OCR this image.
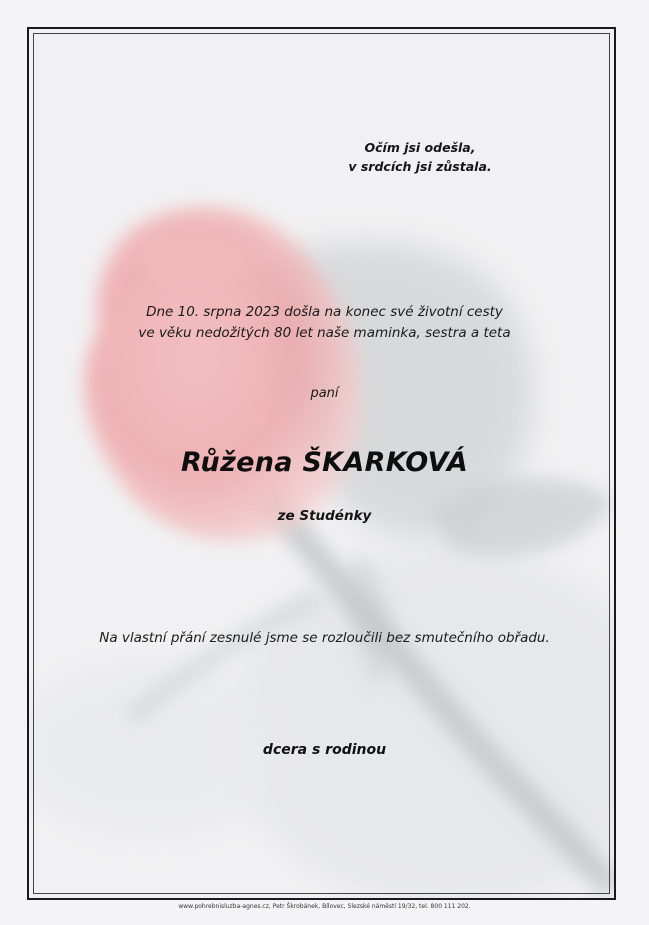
Očím jsi odešla,
v srdcích jsi zůstala.
Dne 10. srpna 2023 došla na konec své životní cesty
ve věku nedožitých 80 let naše maminka, sestra a teta
paní
Růžena ŠKARKOVÁ
ze Studénky
Na vlastní přání zesnulé jsme se rozloučili bez smutečního obřadu.
dcera s rodinou
www.pohrebnisluzba-agnes.cz, Petr Škrobánek, Bílovec, Slezské náměstí 19/32, tel. 800 111 202.
